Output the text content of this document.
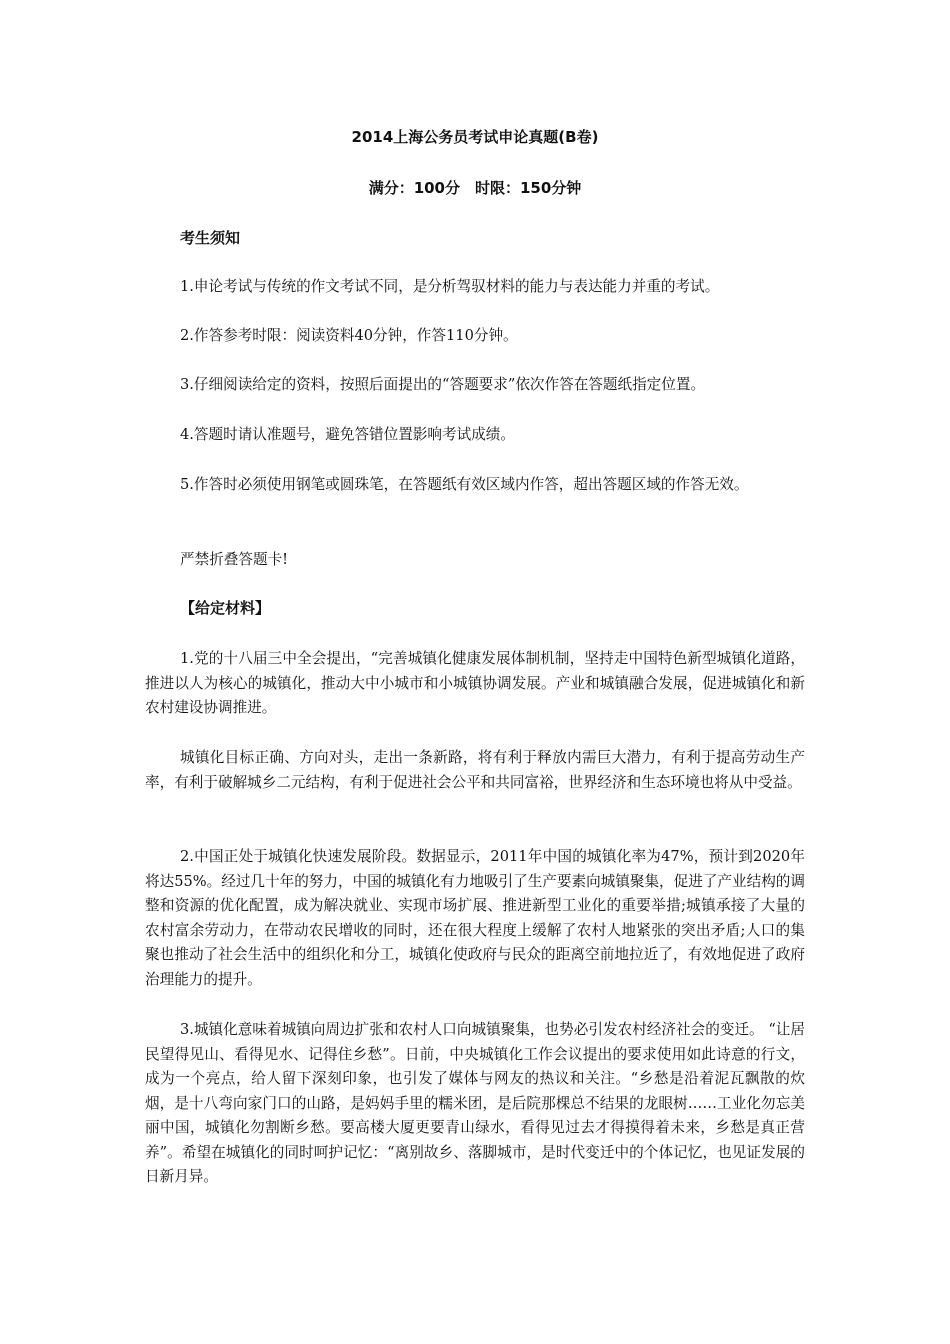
2014上海公务员考试申论真题(B卷)
满分：100分　时限：150分钟
考生须知
1.申论考试与传统的作文考试不同，是分析驾驭材料的能力与表达能力并重的考试。
2.作答参考时限：阅读资料40分钟，作答110分钟。
3.仔细阅读给定的资料，按照后面提出的“答题要求”依次作答在答题纸指定位置。
4.答题时请认准题号，避免答错位置影响考试成绩。
5.作答时必须使用钢笔或圆珠笔，在答题纸有效区域内作答，超出答题区域的作答无效。
严禁折叠答题卡!
【给定材料】
1.党的十八届三中全会提出，“完善城镇化健康发展体制机制，坚持走中国特色新型城镇化道路，推进以人为核心的城镇化，推动大中小城市和小城镇协调发展。产业和城镇融合发展，促进城镇化和新农村建设协调推进。
城镇化目标正确、方向对头，走出一条新路，将有利于释放内需巨大潜力，有利于提高劳动生产率，有利于破解城乡二元结构，有利于促进社会公平和共同富裕，世界经济和生态环境也将从中受益。
2.中国正处于城镇化快速发展阶段。数据显示，2011年中国的城镇化率为47%，预计到2020年将达55%。经过几十年的努力，中国的城镇化有力地吸引了生产要素向城镇聚集，促进了产业结构的调整和资源的优化配置，成为解决就业、实现市场扩展、推进新型工业化的重要举措;城镇承接了大量的农村富余劳动力，在带动农民增收的同时，还在很大程度上缓解了农村人地紧张的突出矛盾;人口的集聚也推动了社会生活中的组织化和分工，城镇化使政府与民众的距离空前地拉近了，有效地促进了政府治理能力的提升。
3.城镇化意味着城镇向周边扩张和农村人口向城镇聚集，也势必引发农村经济社会的变迁。 “让居民望得见山、看得见水、记得住乡愁”。日前，中央城镇化工作会议提出的要求使用如此诗意的行文，成为一个亮点，给人留下深刻印象，也引发了媒体与网友的热议和关注。“乡愁是沿着泥瓦飘散的炊烟，是十八弯向家门口的山路，是妈妈手里的糯米团，是后院那棵总不结果的龙眼树……工业化勿忘美丽中国，城镇化勿割断乡愁。要高楼大厦更要青山绿水，看得见过去才得摸得着未来，乡愁是真正营养”。希望在城镇化的同时呵护记忆：“离别故乡、落脚城市，是时代变迁中的个体记忆，也见证发展的日新月异。
